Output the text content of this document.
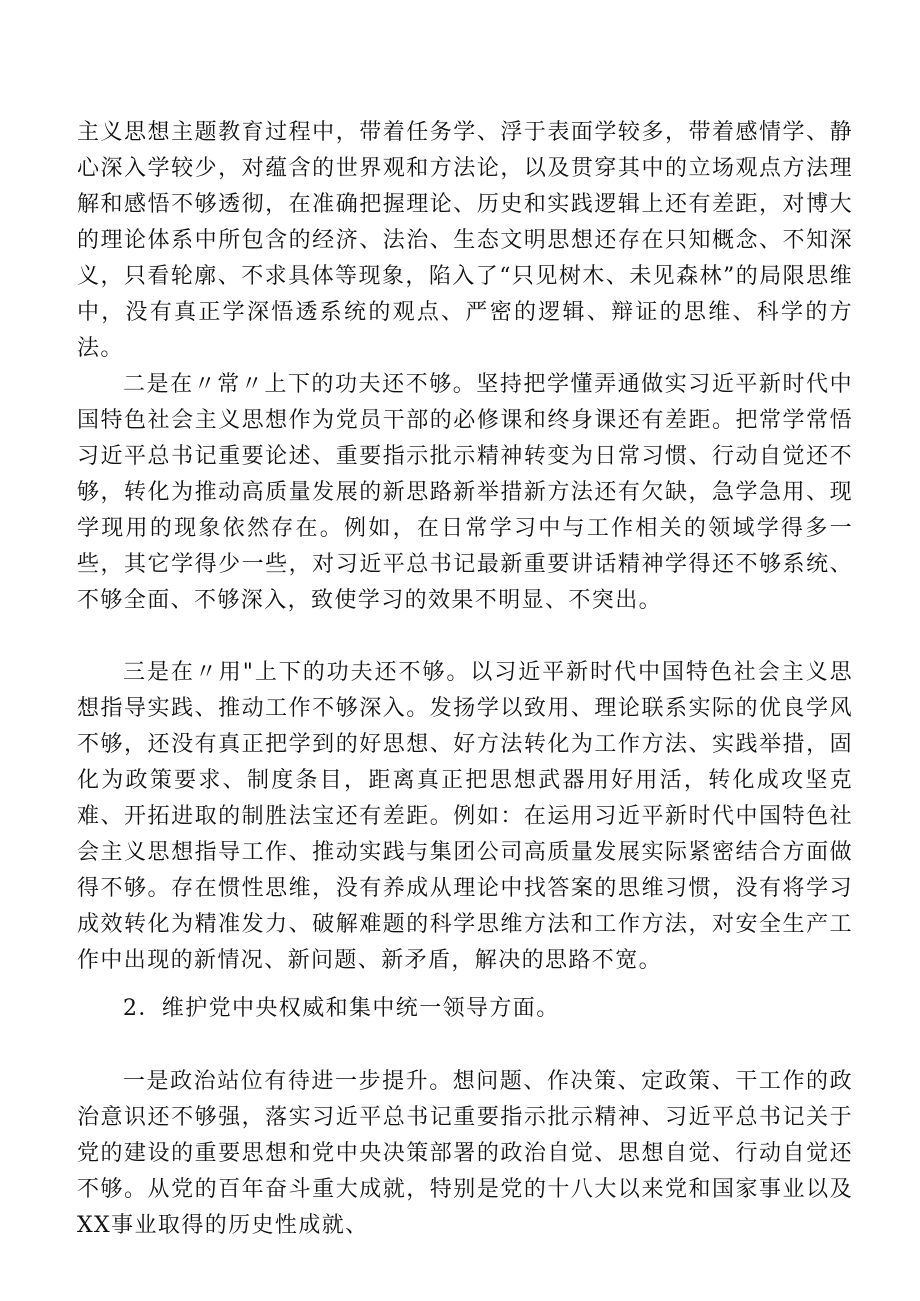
主义思想主题教育过程中，带着任务学、浮于表面学较多，带着感情学、静心深入学较少，对蕴含的世界观和方法论，以及贯穿其中的立场观点方法理解和感悟不够透彻，在准确把握理论、历史和实践逻辑上还有差距，对博大的理论体系中所包含的经济、法治、生态文明思想还存在只知概念、不知深义，只看轮廓、不求具体等现象，陷入了“只见树木、未见森林”的局限思维中，没有真正学深悟透系统的观点、严密的逻辑、辩证的思维、科学的方法。

二是在〃常〃上下的功夫还不够。坚持把学懂弄通做实习近平新时代中国特色社会主义思想作为党员干部的必修课和终身课还有差距。把常学常悟习近平总书记重要论述、重要指示批示精神转变为日常习惯、行动自觉还不够，转化为推动高质量发展的新思路新举措新方法还有欠缺，急学急用、现学现用的现象依然存在。例如，在日常学习中与工作相关的领域学得多一些，其它学得少一些，对习近平总书记最新重要讲话精神学得还不够系统、不够全面、不够深入，致使学习的效果不明显、不突出。

三是在〃用"上下的功夫还不够。以习近平新时代中国特色社会主义思想指导实践、推动工作不够深入。发扬学以致用、理论联系实际的优良学风不够，还没有真正把学到的好思想、好方法转化为工作方法、实践举措，固化为政策要求、制度条目，距离真正把思想武器用好用活，转化成攻坚克难、开拓进取的制胜法宝还有差距。例如：在运用习近平新时代中国特色社会主义思想指导工作、推动实践与集团公司高质量发展实际紧密结合方面做得不够。存在惯性思维，没有养成从理论中找答案的思维习惯，没有将学习成效转化为精准发力、破解难题的科学思维方法和工作方法，对安全生产工作中出现的新情况、新问题、新矛盾，解决的思路不宽。

2．维护党中央权威和集中统一领导方面。

一是政治站位有待进一步提升。想问题、作决策、定政策、干工作的政治意识还不够强，落实习近平总书记重要指示批示精神、习近平总书记关于党的建设的重要思想和党中央决策部署的政治自觉、思想自觉、行动自觉还不够。从党的百年奋斗重大成就，特别是党的十八大以来党和国家事业以及XX事业取得的历史性成就、
